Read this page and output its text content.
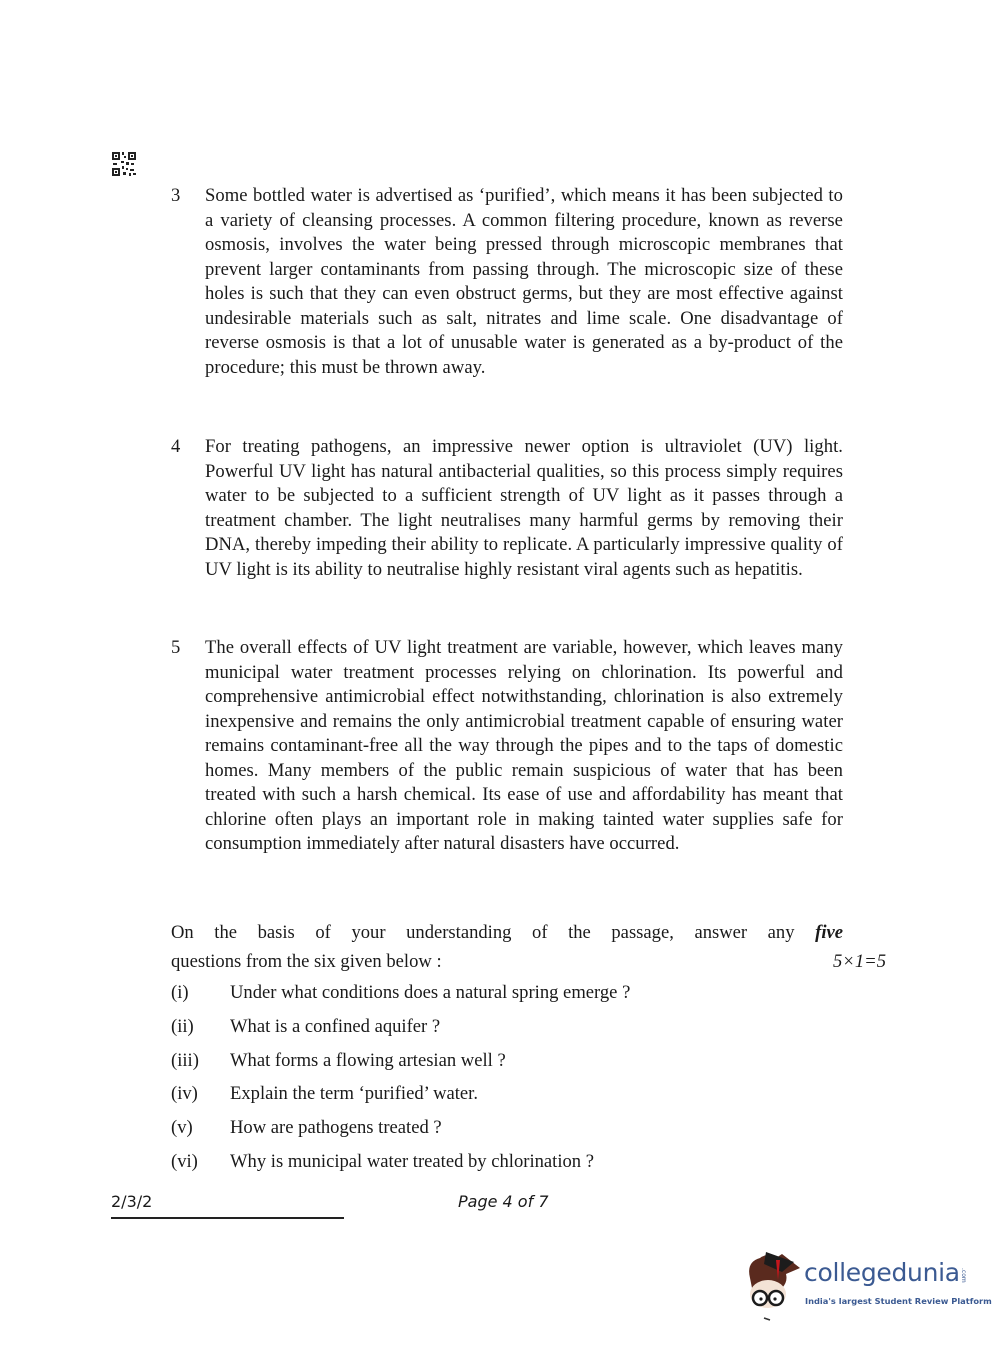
3	Some bottled water is advertised as ‘purified’, which means it has been subjected to a variety of cleansing processes. A common filtering procedure, known as reverse osmosis, involves the water being pressed through microscopic membranes that prevent larger contaminants from passing through. The microscopic size of these holes is such that they can even obstruct germs, but they are most effective against undesirable materials such as salt, nitrates and lime scale. One disadvantage of reverse osmosis is that a lot of unusable water is generated as a by-product of the procedure; this must be thrown away.
4	For treating pathogens, an impressive newer option is ultraviolet (UV) light. Powerful UV light has natural antibacterial qualities, so this process simply requires water to be subjected to a sufficient strength of UV light as it passes through a treatment chamber. The light neutralises many harmful germs by removing their DNA, thereby impeding their ability to replicate. A particularly impressive quality of UV light is its ability to neutralise highly resistant viral agents such as hepatitis.
5	The overall effects of UV light treatment are variable, however, which leaves many municipal water treatment processes relying on chlorination. Its powerful and comprehensive antimicrobial effect notwithstanding, chlorination is also extremely inexpensive and remains the only antimicrobial treatment capable of ensuring water remains contaminant-free all the way through the pipes and to the taps of domestic homes. Many members of the public remain suspicious of water that has been treated with such a harsh chemical. Its ease of use and affordability has meant that chlorine often plays an important role in making tainted water supplies safe for consumption immediately after natural disasters have occurred.
On the basis of your understanding of the passage, answer any five
questions from the six given below :	5×1=5
(i)	Under what conditions does a natural spring emerge ?
(ii)	What is a confined aquifer ?
(iii)	What forms a flowing artesian well ?
(iv)	Explain the term ‘purified’ water.
(v)	How are pathogens treated ?
(vi)	Why is municipal water treated by chlorination ?
2/3/2	Page 4 of 7
collegedunia .com
India's largest Student Review Platform
